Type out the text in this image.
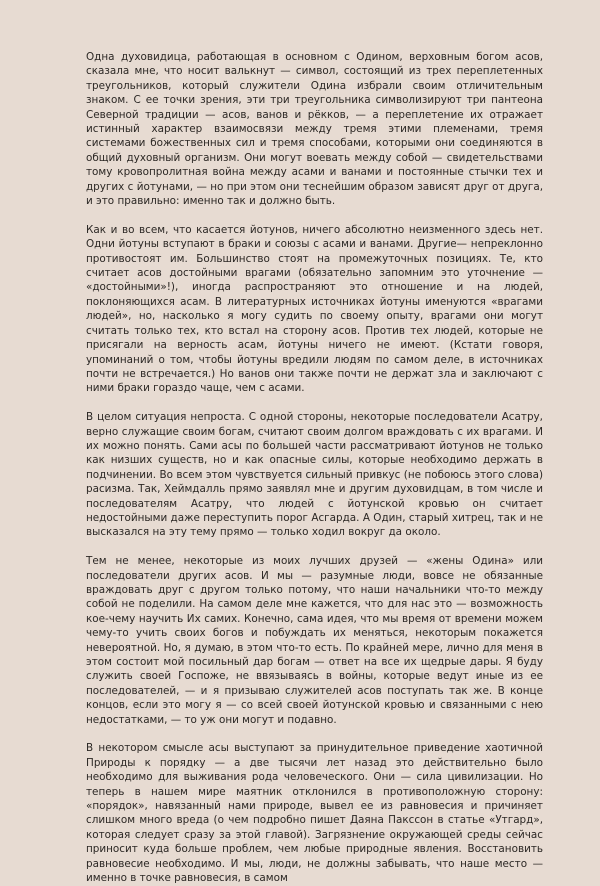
Одна духовидица, работающая в основном с Одином, верховным богом асов, сказала мне, что носит валькнут — символ, состоящий из трех переплетенных треугольников, который служители Одина избрали своим отличительным знаком. С ее точки зрения, эти три треугольника символизируют три пантеона Северной традиции — асов, ванов и рёкков, — а переплетение их отражает истинный характер взаимосвязи между тремя этими племенами, тремя системами божественных сил и тремя способами, которыми они соединяются в общий духовный организм. Они могут воевать между собой — свидетельствами тому кровопролитная война между асами и ванами и постоянные стычки тех и других с йотунами, — но при этом они теснейшим образом зависят друг от друга, и это правильно: именно так и должно быть.

Как и во всем, что касается йотунов, ничего абсолютно неизменного здесь нет. Одни йотуны вступают в браки и союзы с асами и ванами. Другие— непреклонно противостоят им. Большинство стоят на промежуточных позициях. Те, кто считает асов достойными врагами (обязательно запомним это уточнение — «достойными»!), иногда распространяют это отношение и на людей, поклоняющихся асам. В литературных источниках йотуны именуются «врагами людей», но, насколько я могу судить по своему опыту, врагами они могут считать только тех, кто встал на сторону асов. Против тех людей, которые не присягали на верность асам, йотуны ничего не имеют. (Кстати говоря, упоминаний о том, чтобы йотуны вредили людям по самом деле, в источниках почти не встречается.) Но ванов они также почти не держат зла и заключают с ними браки гораздо чаще, чем с асами.

В целом ситуация непроста. С одной стороны, некоторые последователи Асатру, верно служащие своим богам, считают своим долгом враждовать с их врагами. И их можно понять. Сами асы по большей части рассматривают йотунов не только как низших существ, но и как опасные силы, которые необходимо держать в подчинении. Во всем этом чувствуется сильный привкус (не побоюсь этого слова) расизма. Так, Хеймдалль прямо заявлял мне и другим духовидцам, в том числе и последователям Асатру, что людей с йотунской кровью он считает недостойными даже переступить порог Асгарда. А Один, старый хитрец, так и не высказался на эту тему прямо — только ходил вокруг да около.

Тем не менее, некоторые из моих лучших друзей — «жены Одина» или последователи других асов. И мы — разумные люди, вовсе не обязанные враждовать друг с другом только потому, что наши начальники что-то между собой не поделили. На самом деле мне кажется, что для нас это — возможность кое-чему научить Их самих. Конечно, сама идея, что мы время от времени можем чему-то учить своих богов и побуждать их меняться, некоторым покажется невероятной. Но, я думаю, в этом что-то есть. По крайней мере, лично для меня в этом состоит мой посильный дар богам — ответ на все их щедрые дары. Я буду служить своей Госпоже, не ввязываясь в войны, которые ведут иные из ее последователей, — и я призываю служителей асов поступать так же. В конце концов, если это могу я — со всей своей йотунской кровью и связанными с нею недостатками, — то уж они могут и подавно.

В некотором смысле асы выступают за принудительное приведение хаотичной Природы к порядку — а две тысячи лет назад это действительно было необходимо для выживания рода человеческого. Они — сила цивилизации. Но теперь в нашем мире маятник отклонился в противоположную сторону: «порядок», навязанный нами природе, вывел ее из равновесия и причиняет слишком много вреда (о чем подробно пишет Даяна Паксcон в статье «Утгард», которая следует сразу за этой главой). Загрязнение окружающей среды сейчас приносит куда больше проблем, чем любые природные явления. Восстановить равновесие необходимо. И мы, люди, не должны забывать, что наше место — именно в точке равновесия, в самом
